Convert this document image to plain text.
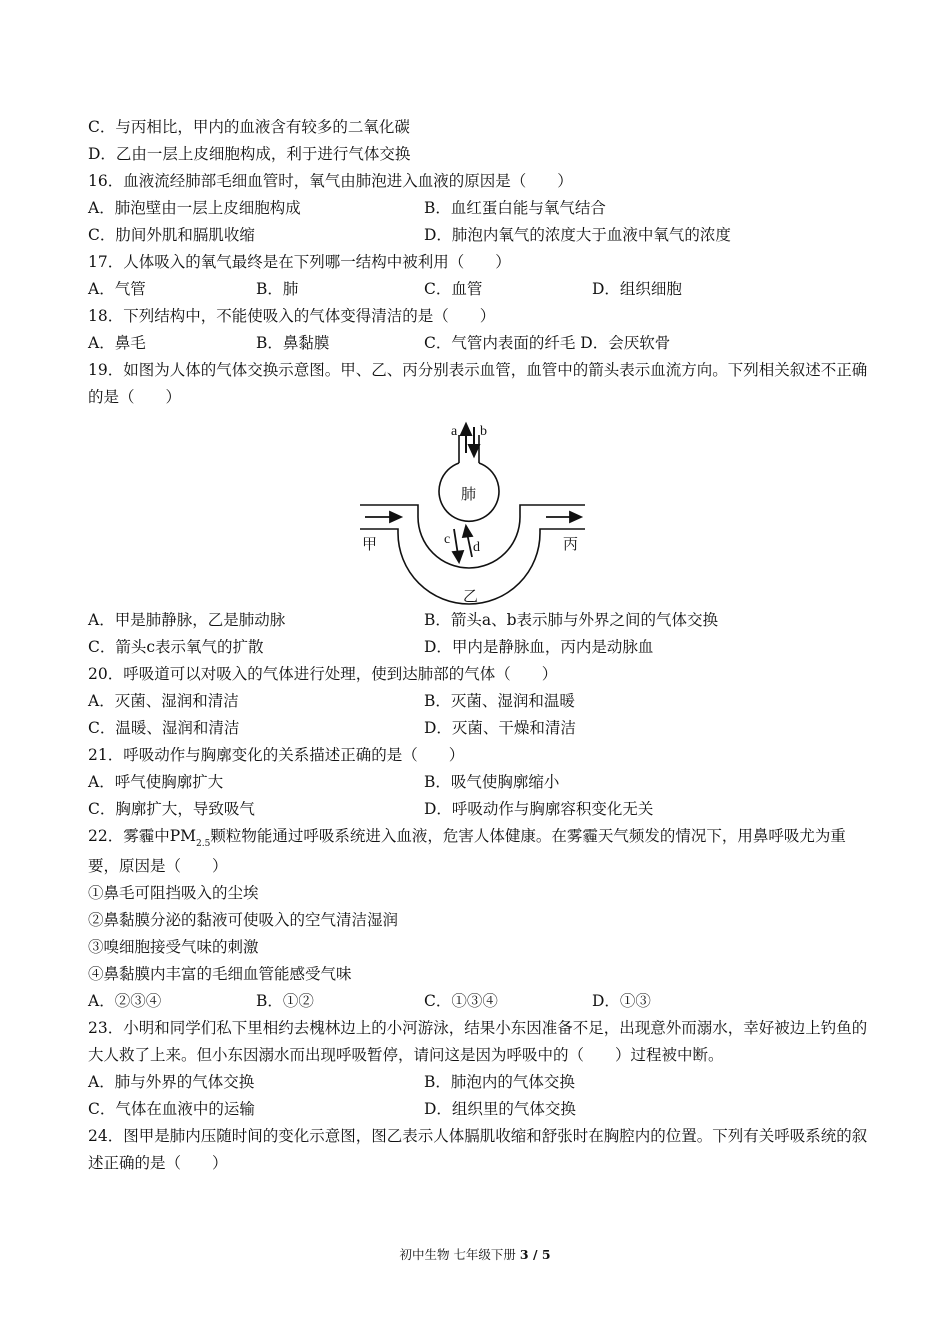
C．与丙相比，甲内的血液含有较多的二氧化碳
D．乙由一层上皮细胞构成，利于进行气体交换
16．血液流经肺部毛细血管时，氧气由肺泡进入血液的原因是（　　）
A．肺泡壁由一层上皮细胞构成	B．血红蛋白能与氧气结合
C．肋间外肌和膈肌收缩	D．肺泡内氧气的浓度大于血液中氧气的浓度
17．人体吸入的氧气最终是在下列哪一结构中被利用（　　）
A．气管	B．肺	C．血管	D．组织细胞
18．下列结构中，不能使吸入的气体变得清洁的是（　　）
A．鼻毛	B．鼻黏膜	C．气管内表面的纤毛 D．会厌软骨
19．如图为人体的气体交换示意图。甲、乙、丙分别表示血管，血管中的箭头表示血流方向。下列相关叙述不正确的是（　　）
a b
肺
甲	丙
c
d
乙
A．甲是肺静脉，乙是肺动脉	B．箭头a、b表示肺与外界之间的气体交换
C．箭头c表示氧气的扩散	D．甲内是静脉血，丙内是动脉血
20．呼吸道可以对吸入的气体进行处理，使到达肺部的气体（　　）
A．灭菌、湿润和清洁	B．灭菌、湿润和温暖
C．温暖、湿润和清洁	D．灭菌、干燥和清洁
21．呼吸动作与胸廓变化的关系描述正确的是（　　）
A．呼气使胸廓扩大	B．吸气使胸廓缩小
C．胸廓扩大，导致吸气	D．呼吸动作与胸廓容积变化无关
22．雾霾中$PM_{2.5}$颗粒物能通过呼吸系统进入血液，危害人体健康。在雾霾天气频发的情况下，用鼻呼吸尤为重要，原因是（　　）
①鼻毛可阻挡吸入的尘埃
②鼻黏膜分泌的黏液可使吸入的空气清洁湿润
③嗅细胞接受气味的刺激
④鼻黏膜内丰富的毛细血管能感受气味
A．②③④	B．①②	C．①③④	D．①③
23．小明和同学们私下里相约去槐林边上的小河游泳，结果小东因准备不足，出现意外而溺水，幸好被边上钓鱼的大人救了上来。但小东因溺水而出现呼吸暂停，请问这是因为呼吸中的（　　）过程被中断。
A．肺与外界的气体交换	B．肺泡内的气体交换
C．气体在血液中的运输	D．组织里的气体交换
24．图甲是肺内压随时间的变化示意图，图乙表示人体膈肌收缩和舒张时在胸腔内的位置。下列有关呼吸系统的叙述正确的是（　　）
初中生物 七年级下册 3 / 5
